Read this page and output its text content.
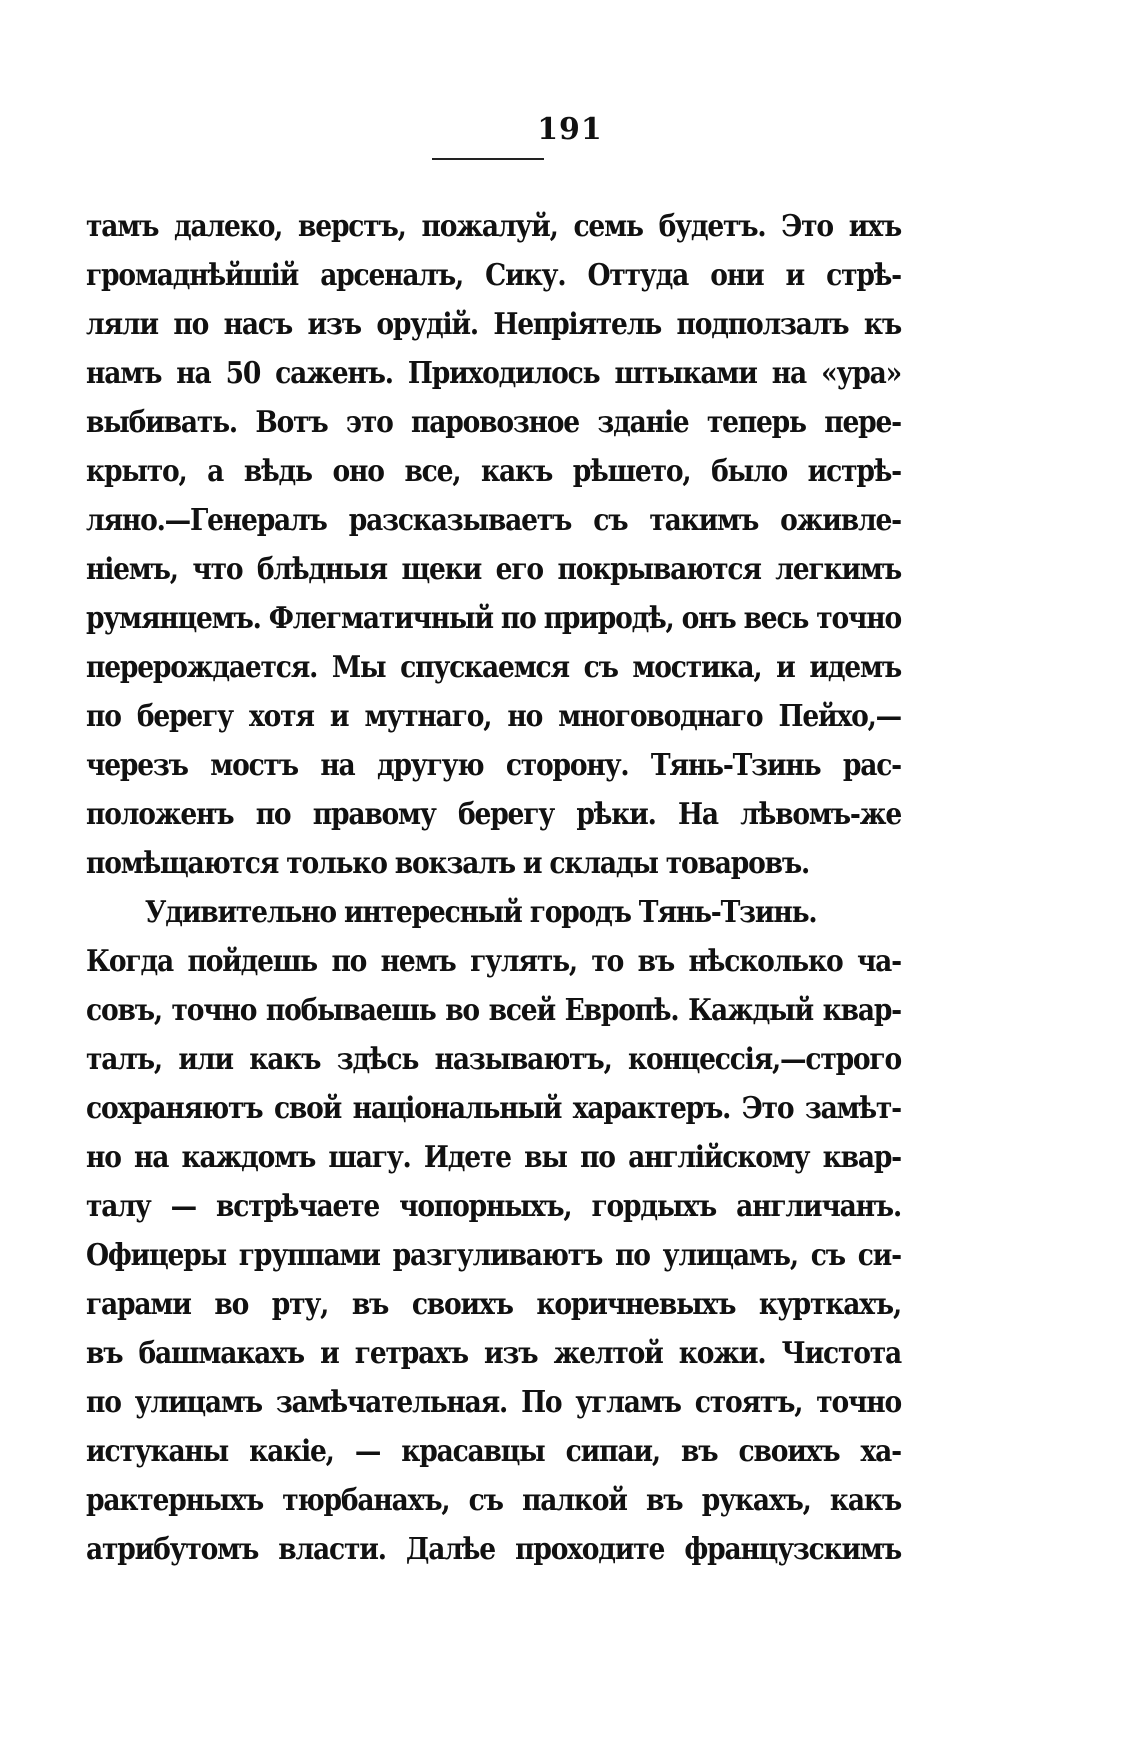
191
тамъ далеко, верстъ, пожалуй, семь будетъ. Это ихъ
громаднѣйшій арсеналъ, Сику. Оттуда они и стрѣ-
ляли по насъ изъ орудій. Непріятель подползалъ къ
намъ на 50 саженъ. Приходилось штыками на «ура»
выбивать. Вотъ это паровозное зданіе теперь пере-
крыто, а вѣдь оно все, какъ рѣшето, было истрѣ-
ляно.—Генералъ разсказываетъ съ такимъ оживле-
ніемъ, что блѣдныя щеки его покрываются легкимъ
румянцемъ. Флегматичный по природѣ, онъ весь точно
перерождается. Мы спускаемся съ мостика, и идемъ
по берегу хотя и мутнаго, но многоводнаго Пейхо,—
черезъ мостъ на другую сторону. Тянь-Тзинь рас-
положенъ по правому берегу рѣки. На лѣвомъ-же
помѣщаются только вокзалъ и склады товаровъ.
Удивительно интересный городъ Тянь-Тзинь.
Когда пойдешь по немъ гулять, то въ нѣсколько ча-
совъ, точно побываешь во всей Европѣ. Каждый квар-
талъ, или какъ здѣсь называютъ, концессія,—строго
сохраняютъ свой національный характеръ. Это замѣт-
но на каждомъ шагу. Идете вы по англійскому квар-
талу — встрѣчаете чопорныхъ, гордыхъ англичанъ.
Офицеры группами разгуливаютъ по улицамъ, съ си-
гарами во рту, въ своихъ коричневыхъ курткахъ,
въ башмакахъ и гетрахъ изъ желтой кожи. Чистота
по улицамъ замѣчательная. По угламъ стоятъ, точно
истуканы какіе, — красавцы сипаи, въ своихъ ха-
рактерныхъ тюрбанахъ, съ палкой въ рукахъ, какъ
атрибутомъ власти. Далѣе проходите французскимъ
